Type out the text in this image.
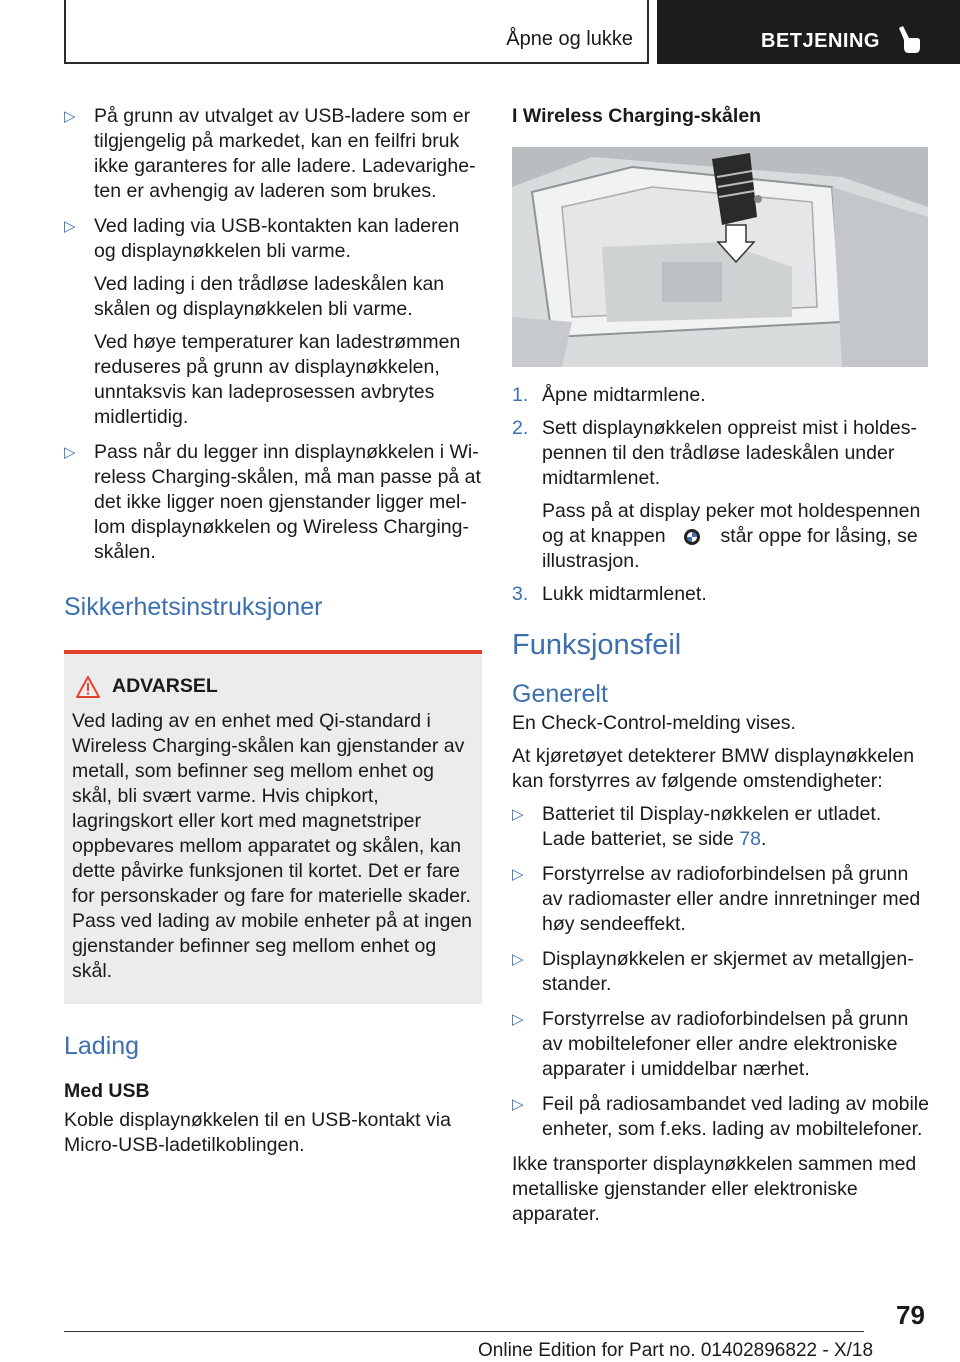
Åpne og lukke	BETJENING
▷ På grunn av utvalget av USB-ladere som er tilgjengelig på markedet, kan en feilfri bruk ikke garanteres for alle ladere. Ladevarigheten er avhengig av laderen som brukes.

▷ Ved lading via USB-kontakten kan laderen og displaynøkkelen bli varme.

Ved lading i den trådløse ladeskålen kan skålen og displaynøkkelen bli varme.

Ved høye temperaturer kan ladestrømmen reduseres på grunn av displaynøkkelen, unntaksvis kan ladeprosessen avbrytes midlertidig.

▷ Pass når du legger inn displaynøkkelen i Wireless Charging-skålen, må man passe på at det ikke ligger noen gjenstander ligger mellom displaynøkkelen og Wireless Charging-skålen.

Sikkerhetsinstruksjoner
ADVARSEL

Ved lading av en enhet med Qi-standard i Wireless Charging-skålen kan gjenstander av metall, som befinner seg mellom enhet og skål, bli svært varme. Hvis chipkort, lagringskort eller kort med magnetstriper oppbevares mellom apparatet og skålen, kan dette påvirke funksjonen til kortet. Det er fare for personskader og fare for materielle skader. Pass ved lading av mobile enheter på at ingen gjenstander befinner seg mellom enhet og skål.

Lading
Med USB

Koble displaynøkkelen til en USB-kontakt via Micro-USB-ladetilkoblingen.

I Wireless Charging-skålen
1. Åpne midtarmlene.

2. Sett displaynøkkelen oppreist mist i holdespennen til den trådløse ladeskålen under midtarmlenet.

Pass på at display peker mot holdespennen og at knappen	står oppe for låsing, se illustrasjon.

3. Lukk midtarmlenet.

Funksjonsfeil
Generelt

En Check-Control-melding vises.

At kjøretøyet detekterer BMW displaynøkkelen kan forstyrres av følgende omstendigheter:

▷ Batteriet til Display-nøkkelen er utladet. Lade batteriet, se side 78.

▷ Forstyrrelse av radioforbindelsen på grunn av radiomaster eller andre innretninger med høy sendeeffekt.

▷ Displaynøkkelen er skjermet av metallgjenstander.

▷ Forstyrrelse av radioforbindelsen på grunn av mobiltelefoner eller andre elektroniske apparater i umiddelbar nærhet.

▷ Feil på radiosambandet ved lading av mobile enheter, som f.eks. lading av mobiltelefoner.

Ikke transporter displaynøkkelen sammen med metalliske gjenstander eller elektroniske apparater.

79
Online Edition for Part no. 01402896822 - X/18
